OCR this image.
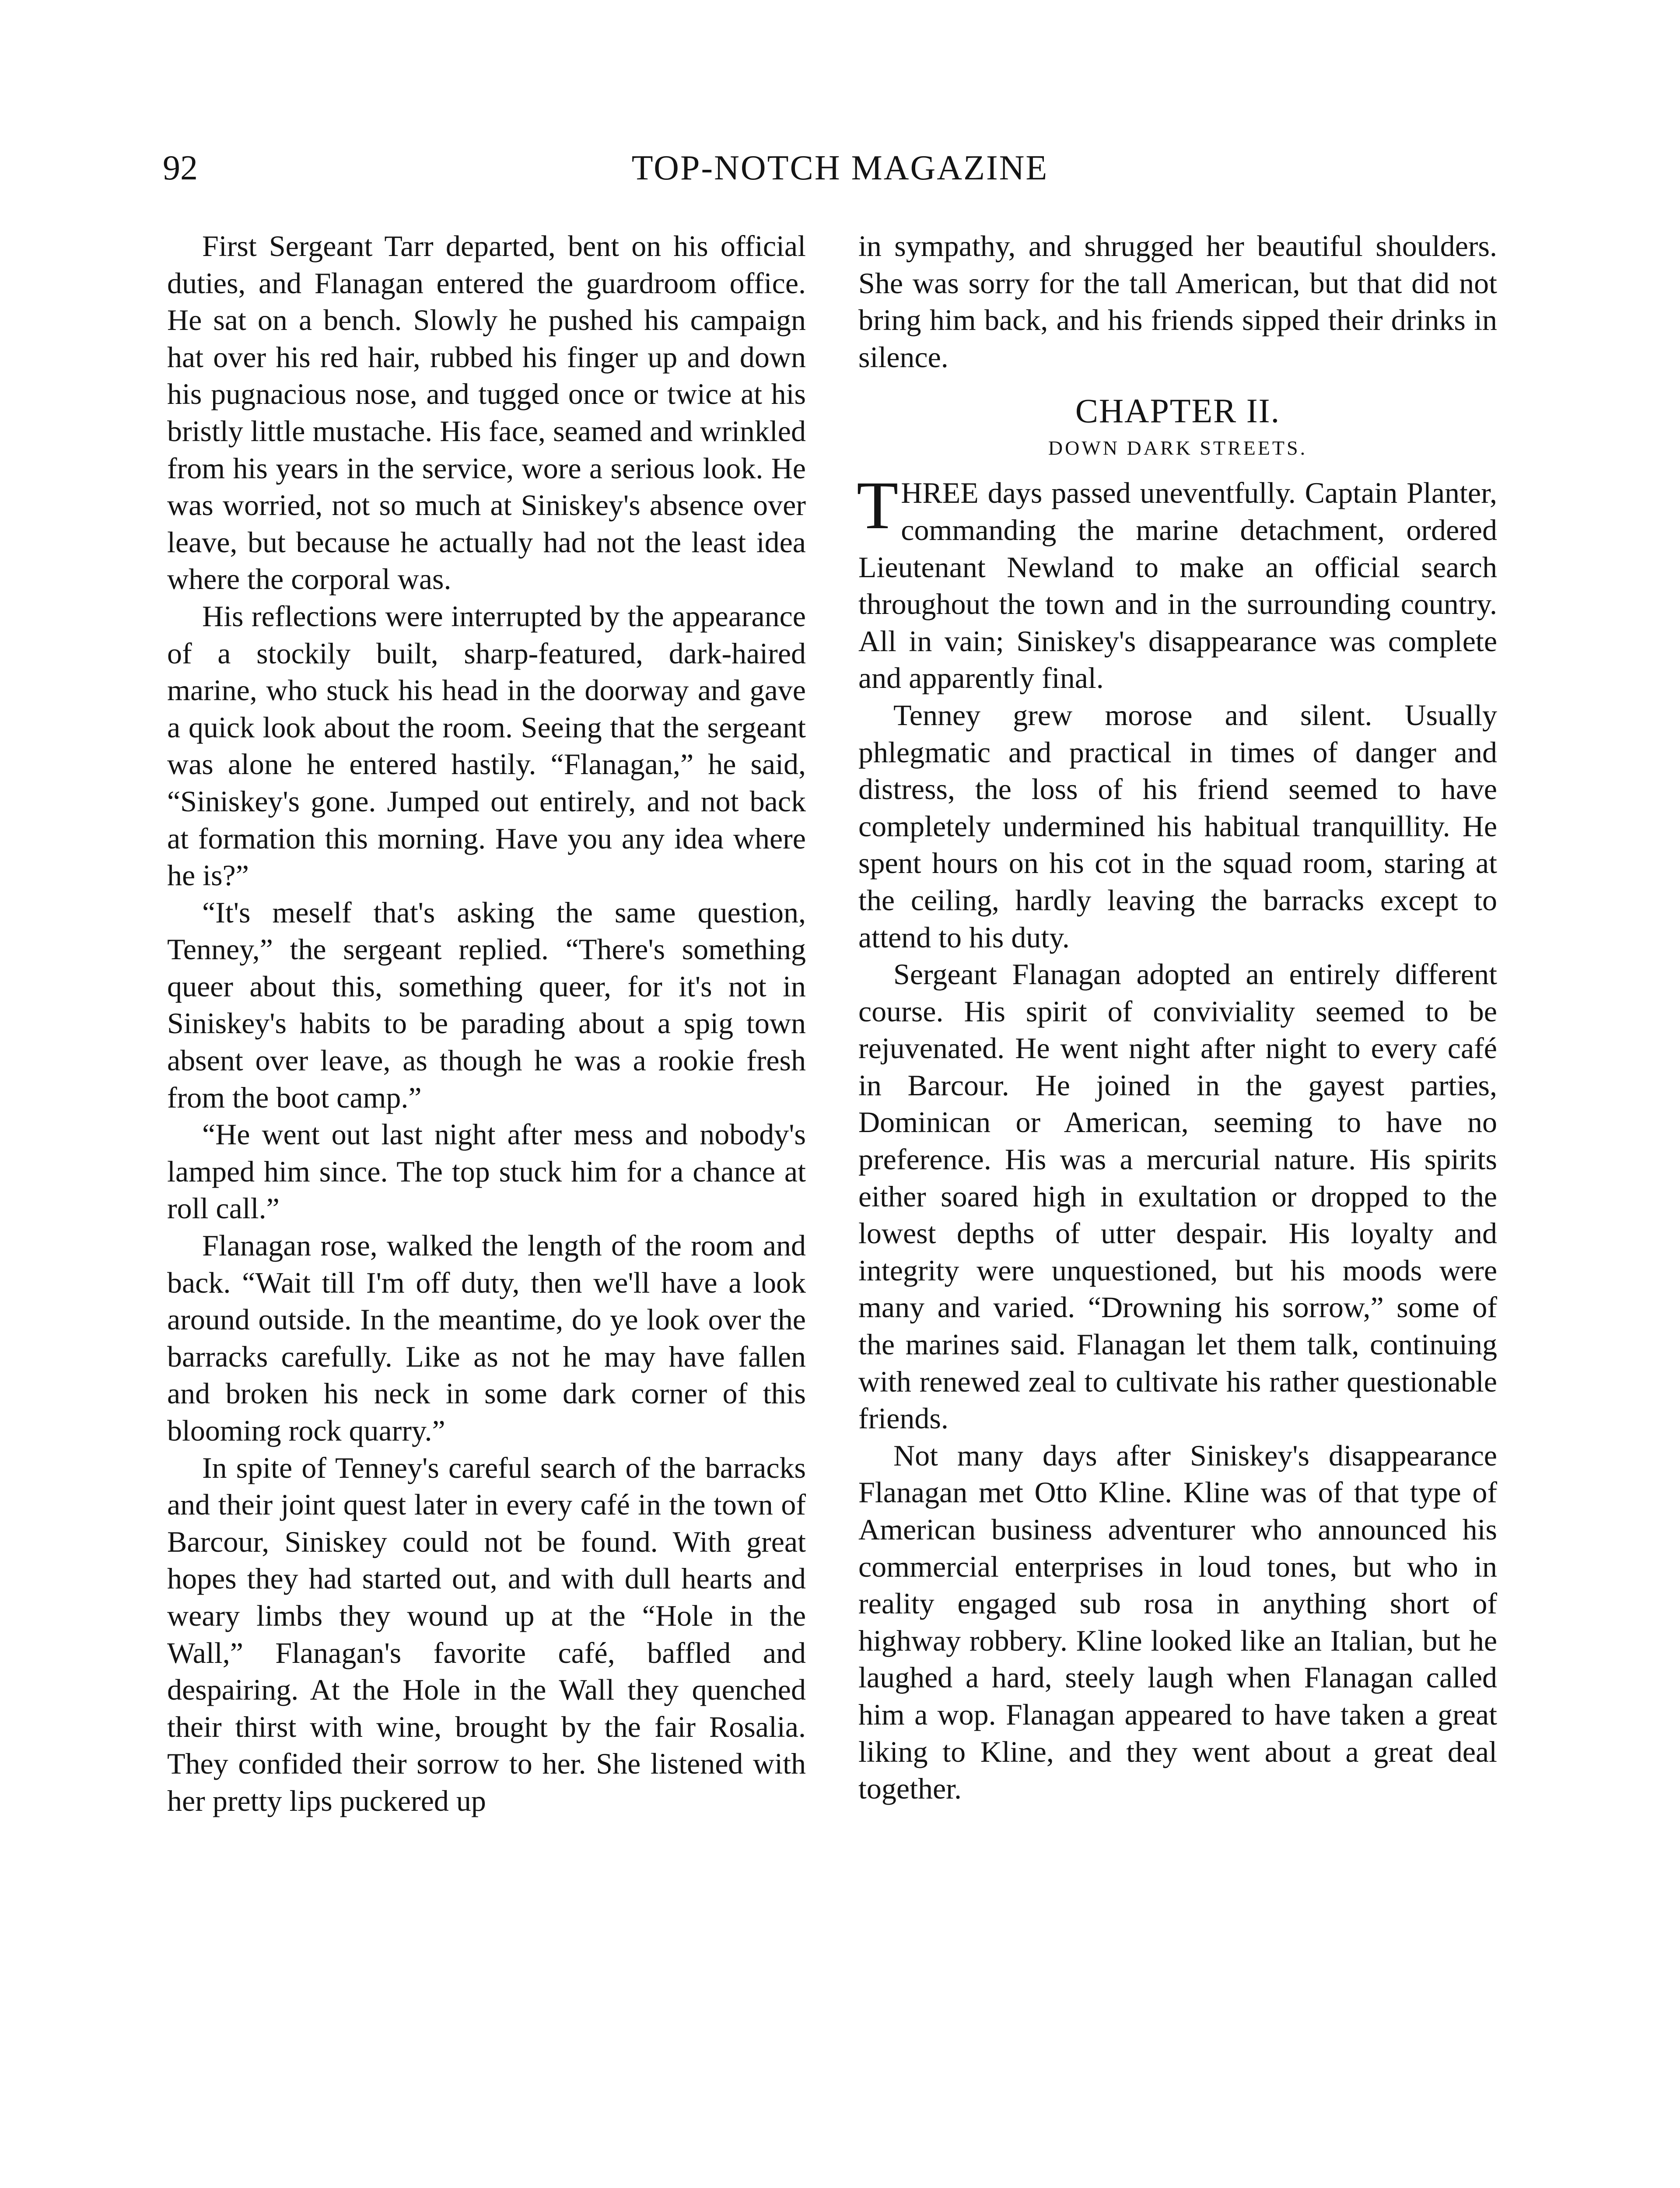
92	TOP-NOTCH MAGAZINE

First Sergeant Tarr departed, bent on his official duties, and Flanagan entered the guardroom office. He sat on a bench. Slowly he pushed his campaign hat over his red hair, rubbed his finger up and down his pugnacious nose, and tugged once or twice at his bristly little mustache. His face, seamed and wrinkled from his years in the service, wore a serious look. He was worried, not so much at Siniskey's absence over leave, but because he actually had not the least idea where the corporal was.

His reflections were interrupted by the appearance of a stockily built, sharp-featured, dark-haired marine, who stuck his head in the doorway and gave a quick look about the room. Seeing that the sergeant was alone he entered hastily. “Flanagan,” he said, “Siniskey's gone. Jumped out entirely, and not back at formation this morning. Have you any idea where he is?”

“It's meself that's asking the same question, Tenney,” the sergeant replied. “There's something queer about this, something queer, for it's not in Siniskey's habits to be parading about a spig town absent over leave, as though he was a rookie fresh from the boot camp.”

“He went out last night after mess and nobody's lamped him since. The top stuck him for a chance at roll call.”

Flanagan rose, walked the length of the room and back. “Wait till I'm off duty, then we'll have a look around outside. In the meantime, do ye look over the barracks carefully. Like as not he may have fallen and broken his neck in some dark corner of this blooming rock quarry.”

In spite of Tenney's careful search of the barracks and their joint quest later in every café in the town of Barcour, Siniskey could not be found. With great hopes they had started out, and with dull hearts and weary limbs they wound up at the “Hole in the Wall,” Flanagan's favorite café, baffled and despairing. At the Hole in the Wall they quenched their thirst with wine, brought by the fair Rosalia. They confided their sorrow to her. She listened with her pretty lips puckered up

in sympathy, and shrugged her beautiful shoulders. She was sorry for the tall American, but that did not bring him back, and his friends sipped their drinks in silence.

CHAPTER II.
DOWN DARK STREETS.

THREE days passed uneventfully. Captain Planter, commanding the marine detachment, ordered Lieutenant Newland to make an official search throughout the town and in the surrounding country. All in vain; Siniskey's disappearance was complete and apparently final.

Tenney grew morose and silent. Usually phlegmatic and practical in times of danger and distress, the loss of his friend seemed to have completely undermined his habitual tranquillity. He spent hours on his cot in the squad room, staring at the ceiling, hardly leaving the barracks except to attend to his duty.

Sergeant Flanagan adopted an entirely different course. His spirit of conviviality seemed to be rejuvenated. He went night after night to every café in Barcour. He joined in the gayest parties, Dominican or American, seeming to have no preference. His was a mercurial nature. His spirits either soared high in exultation or dropped to the lowest depths of utter despair. His loyalty and integrity were unquestioned, but his moods were many and varied. “Drowning his sorrow,” some of the marines said. Flanagan let them talk, continuing with renewed zeal to cultivate his rather questionable friends.

Not many days after Siniskey's disappearance Flanagan met Otto Kline. Kline was of that type of American business adventurer who announced his commercial enterprises in loud tones, but who in reality engaged sub rosa in anything short of highway robbery. Kline looked like an Italian, but he laughed a hard, steely laugh when Flanagan called him a wop. Flanagan appeared to have taken a great liking to Kline, and they went about a great deal together.
